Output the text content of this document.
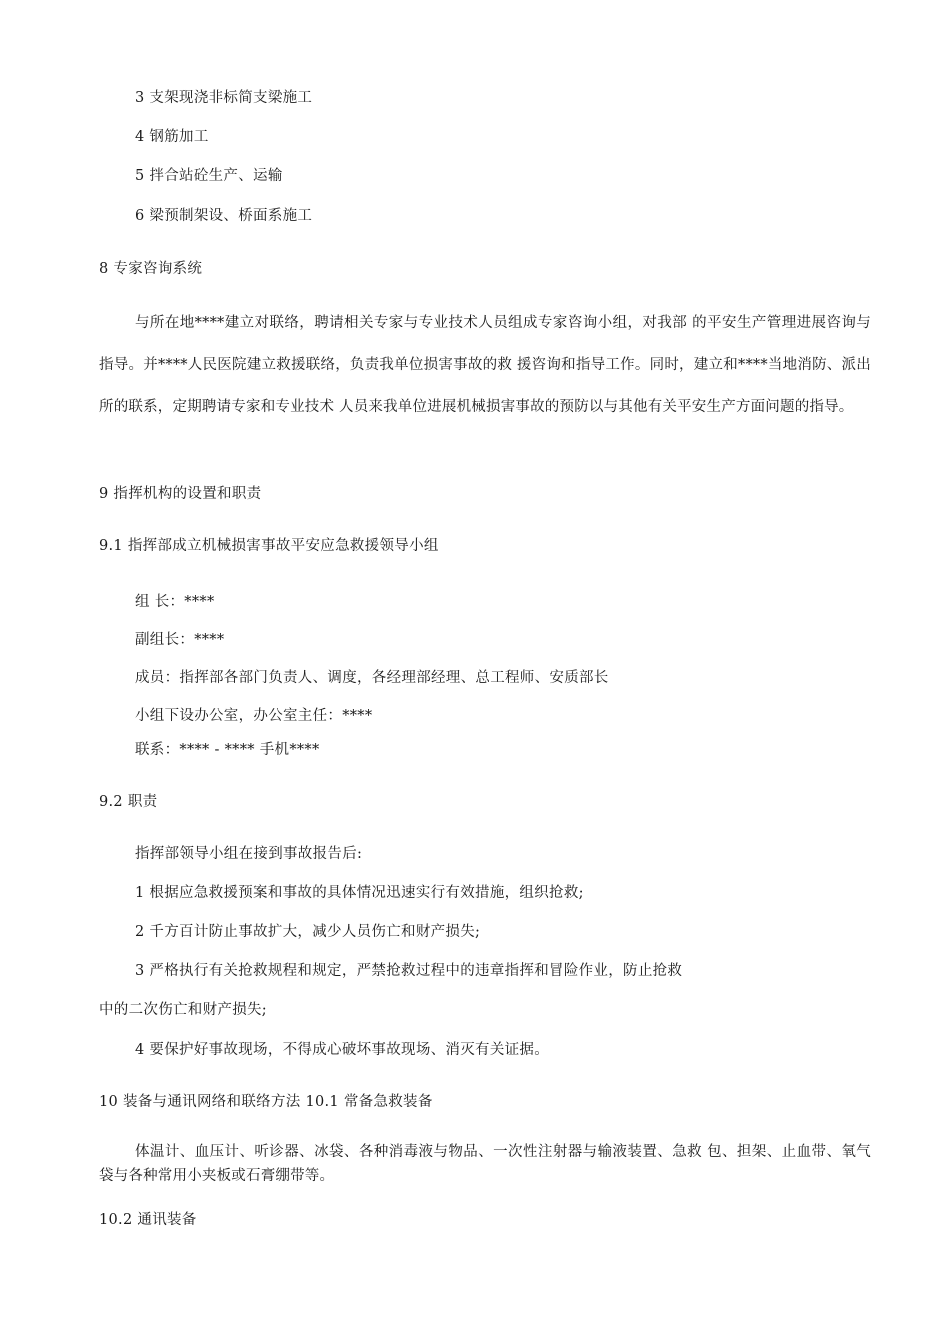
3 支架现浇非标简支梁施工
4 钢筋加工
5 拌合站砼生产、运输
6 梁预制架设、桥面系施工
8 专家咨询系统
与所在地****建立对联络，聘请相关专家与专业技术人员组成专家咨询小组，对我部 的平安生产管理进展咨询与指导。并****人民医院建立救援联络，负责我单位损害事故的救 援咨询和指导工作。同时，建立和****当地消防、派出所的联系，定期聘请专家和专业技术 人员来我单位进展机械损害事故的预防以与其他有关平安生产方面问题的指导。
9 指挥机构的设置和职责
9.1 指挥部成立机械损害事故平安应急救援领导小组
组 长：****
副组长：****
成员：指挥部各部门负责人、调度，各经理部经理、总工程师、安质部长
小组下设办公室，办公室主任：****
联系：**** - **** 手机****
9.2 职责
指挥部领导小组在接到事故报告后:
1 根据应急救援预案和事故的具体情况迅速实行有效措施，组织抢救;
2 千方百计防止事故扩大，减少人员伤亡和财产损失;
3 严格执行有关抢救规程和规定，严禁抢救过程中的违章指挥和冒险作业，防止抢救
中的二次伤亡和财产损失;
4 要保护好事故现场，不得成心破坏事故现场、消灭有关证据。
10 装备与通讯网络和联络方法 10.1 常备急救装备
体温计、血压计、听诊器、冰袋、各种消毒液与物品、一次性注射器与输液装置、急救 包、担架、止血带、氧气袋与各种常用小夹板或石膏绷带等。
10.2 通讯装备
